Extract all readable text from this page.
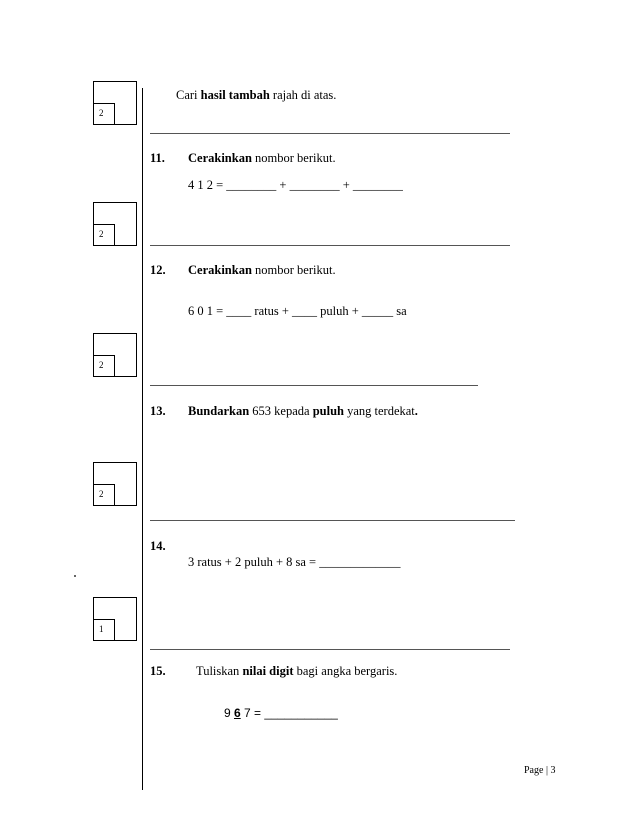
2
2
2
2
1
Cari hasil tambah rajah di atas.
11. Cerakinkan nombor berikut.
4 1 2 = ________ + ________ + ________
12. Cerakinkan nombor berikut.
6 0 1 = ____ ratus + ____ puluh + _____ sa
13. Bundarkan 653 kepada puluh yang terdekat.
14.
3 ratus + 2 puluh + 8 sa = _____________
15. Tuliskan nilai digit bagi angka bergaris.
9 6 7 = ___________
Page | 3
